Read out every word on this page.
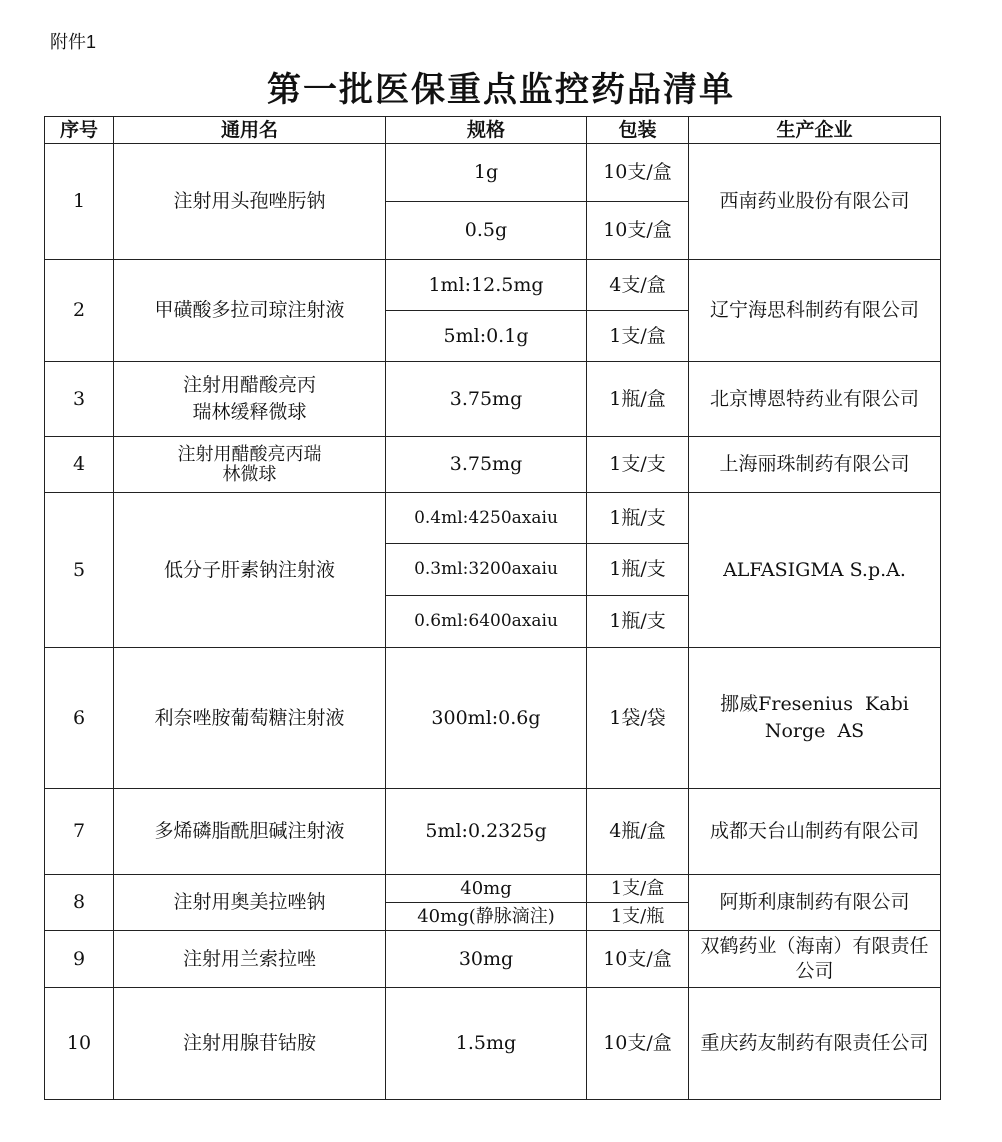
附件1
第一批医保重点监控药品清单
序号	通用名	规格	包装	生产企业
1	注射用头孢唑肟钠	1g	10支/盒	西南药业股份有限公司
		0.5g	10支/盒	
2	甲磺酸多拉司琼注射液	1ml:12.5mg	4支/盒	辽宁海思科制药有限公司
		5ml:0.1g	1支/盒	
3	注射用醋酸亮丙瑞林缓释微球	3.75mg	1瓶/盒	北京博恩特药业有限公司
4	注射用醋酸亮丙瑞林微球	3.75mg	1支/支	上海丽珠制药有限公司
5	低分子肝素钠注射液	0.4ml:4250axaiu	1瓶/支	ALFASIGMA S.p.A.
		0.3ml:3200axaiu	1瓶/支	
		0.6ml:6400axaiu	1瓶/支	
6	利奈唑胺葡萄糖注射液	300ml:0.6g	1袋/袋	挪威Fresenius  Kabi Norge  AS
7	多烯磷脂酰胆碱注射液	5ml:0.2325g	4瓶/盒	成都天台山制药有限公司
8	注射用奥美拉唑钠	40mg	1支/盒	阿斯利康制药有限公司
		40mg(静脉滴注)	1支/瓶	
9	注射用兰索拉唑	30mg	10支/盒	双鹤药业（海南）有限责任公司
10	注射用腺苷钴胺	1.5mg	10支/盒	重庆药友制药有限责任公司
